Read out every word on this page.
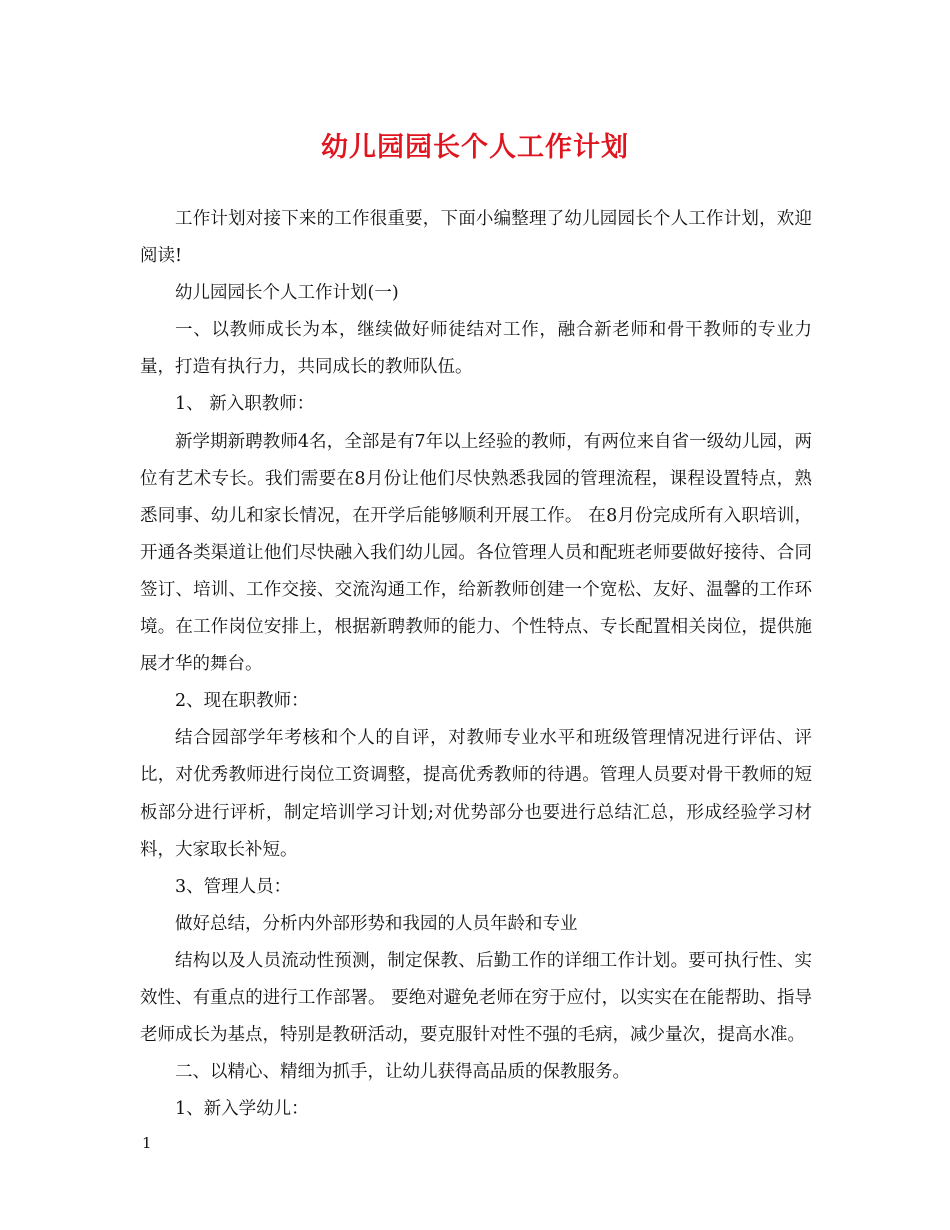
幼儿园园长个人工作计划

工作计划对接下来的工作很重要，下面小编整理了幼儿园园长个人工作计划，欢迎阅读!

幼儿园园长个人工作计划(一)

一、以教师成长为本，继续做好师徒结对工作，融合新老师和骨干教师的专业力量，打造有执行力，共同成长的教师队伍。

1、 新入职教师：

新学期新聘教师4名，全部是有7年以上经验的教师，有两位来自省一级幼儿园，两位有艺术专长。我们需要在8月份让他们尽快熟悉我园的管理流程，课程设置特点，熟悉同事、幼儿和家长情况，在开学后能够顺利开展工作。 在8月份完成所有入职培训，开通各类渠道让他们尽快融入我们幼儿园。各位管理人员和配班老师要做好接待、合同签订、培训、工作交接、交流沟通工作，给新教师创建一个宽松、友好、温馨的工作环境。在工作岗位安排上，根据新聘教师的能力、个性特点、专长配置相关岗位，提供施展才华的舞台。

2、现在职教师：

结合园部学年考核和个人的自评，对教师专业水平和班级管理情况进行评估、评比，对优秀教师进行岗位工资调整，提高优秀教师的待遇。管理人员要对骨干教师的短板部分进行评析，制定培训学习计划;对优势部分也要进行总结汇总，形成经验学习材料，大家取长补短。

3、管理人员：

做好总结，分析内外部形势和我园的人员年龄和专业

结构以及人员流动性预测，制定保教、后勤工作的详细工作计划。要可执行性、实效性、有重点的进行工作部署。 要绝对避免老师在穷于应付，以实实在在能帮助、指导老师成长为基点，特别是教研活动，要克服针对性不强的毛病，减少量次，提高水准。

二、以精心、精细为抓手，让幼儿获得高品质的保教服务。

1、新入学幼儿：

1
